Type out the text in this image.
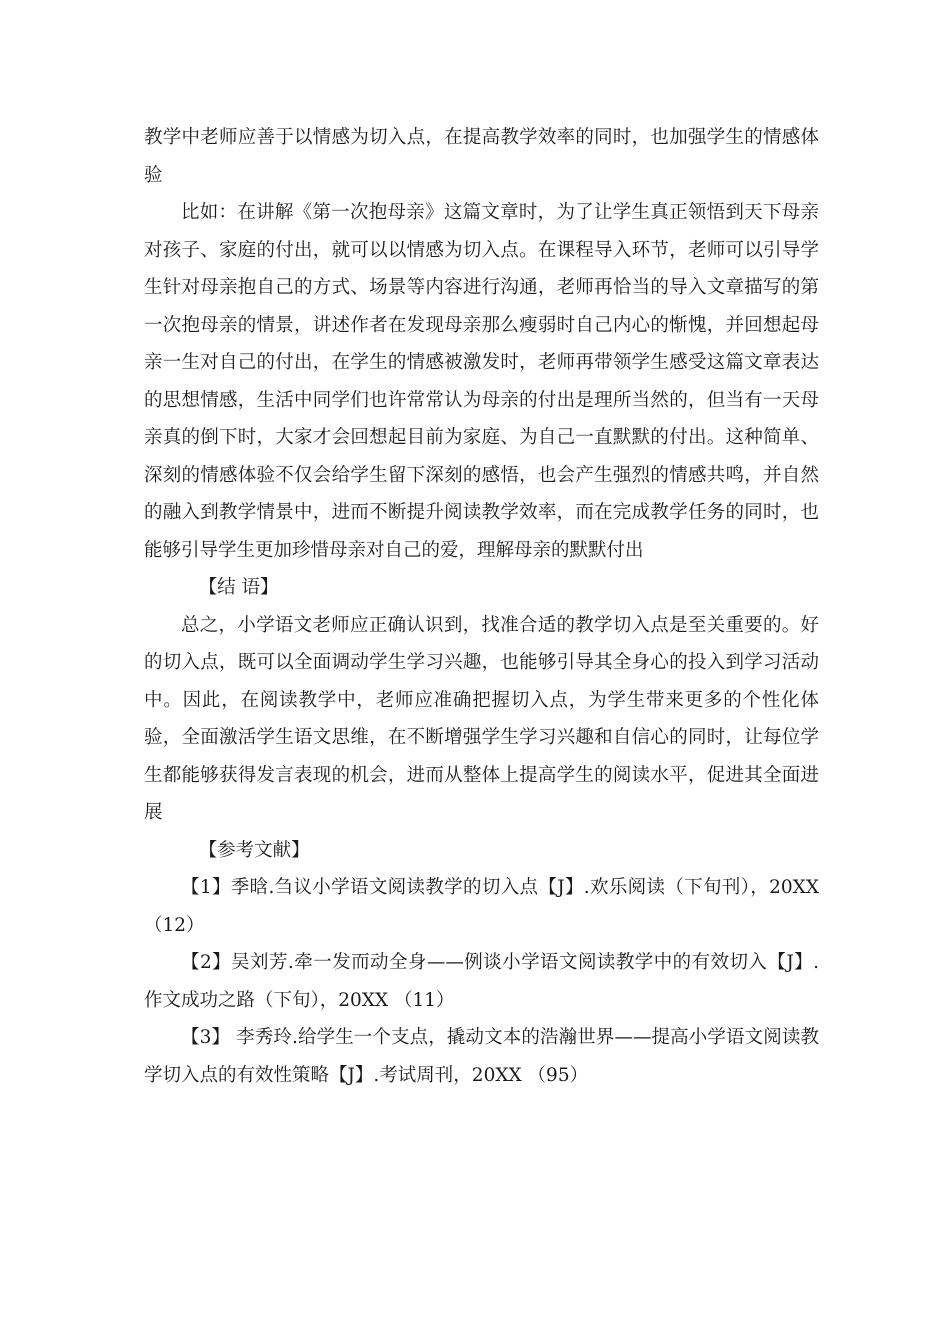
教学中老师应善于以情感为切入点，在提高教学效率的同时，也加强学生的情感体验

比如：在讲解《第一次抱母亲》这篇文章时，为了让学生真正领悟到天下母亲对孩子、家庭的付出，就可以以情感为切入点。在课程导入环节，老师可以引导学生针对母亲抱自己的方式、场景等内容进行沟通，老师再恰当的导入文章描写的第一次抱母亲的情景，讲述作者在发现母亲那么瘦弱时自己内心的惭愧，并回想起母亲一生对自己的付出，在学生的情感被激发时，老师再带领学生感受这篇文章表达的思想情感，生活中同学们也许常常认为母亲的付出是理所当然的，但当有一天母亲真的倒下时，大家才会回想起目前为家庭、为自己一直默默的付出。这种简单、深刻的情感体验不仅会给学生留下深刻的感悟，也会产生强烈的情感共鸣，并自然的融入到教学情景中，进而不断提升阅读教学效率，而在完成教学任务的同时，也能够引导学生更加珍惜母亲对自己的爱，理解母亲的默默付出

【结 语】

总之，小学语文老师应正确认识到，找准合适的教学切入点是至关重要的。好的切入点，既可以全面调动学生学习兴趣，也能够引导其全身心的投入到学习活动中。因此，在阅读教学中，老师应准确把握切入点，为学生带来更多的个性化体验，全面激活学生语文思维，在不断增强学生学习兴趣和自信心的同时，让每位学生都能够获得发言表现的机会，进而从整体上提高学生的阅读水平，促进其全面进展

【参考文献】

【1】季晗.刍议小学语文阅读教学的切入点【J】.欢乐阅读（下旬刊），20XX （12）

【2】吴刘芳.牵一发而动全身——例谈小学语文阅读教学中的有效切入【J】.作文成功之路（下旬），20XX （11）

【3】 李秀玲.给学生一个支点，撬动文本的浩瀚世界——提高小学语文阅读教学切入点的有效性策略【J】.考试周刊，20XX （95）
